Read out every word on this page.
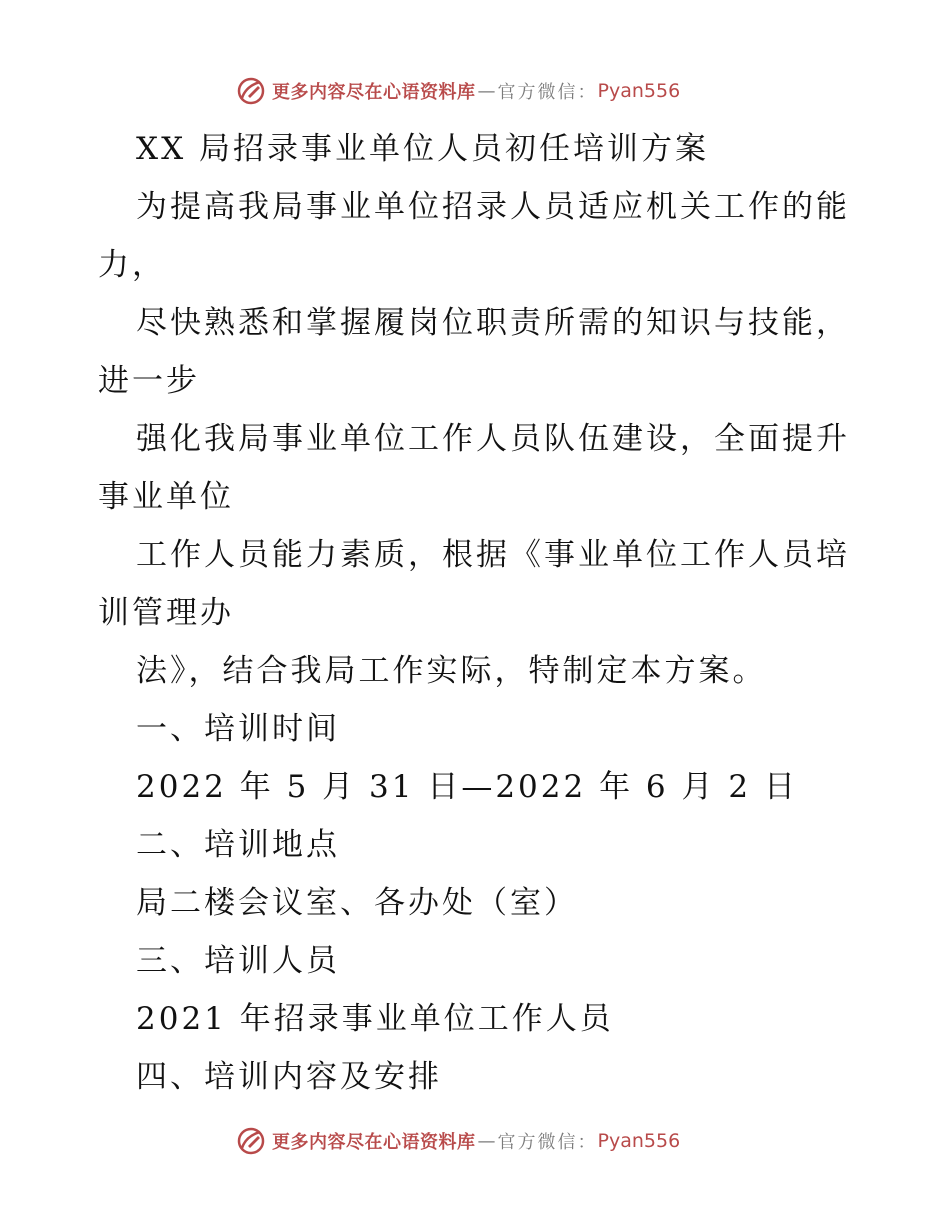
更多内容尽在心语资料库 — 官方微信： Pyan556
XX 局招录事业单位人员初任培训方案
为提高我局事业单位招录人员适应机关工作的能
力，
尽快熟悉和掌握履岗位职责所需的知识与技能，
进一步
强化我局事业单位工作人员队伍建设，全面提升
事业单位
工作人员能力素质，根据《事业单位工作人员培
训管理办
法》，结合我局工作实际，特制定本方案。
一、培训时间
2022 年 5 月 31 日—2022 年 6 月 2 日
二、培训地点
局二楼会议室、各办处（室）
三、培训人员
2021 年招录事业单位工作人员
四、培训内容及安排
更多内容尽在心语资料库 — 官方微信： Pyan556
